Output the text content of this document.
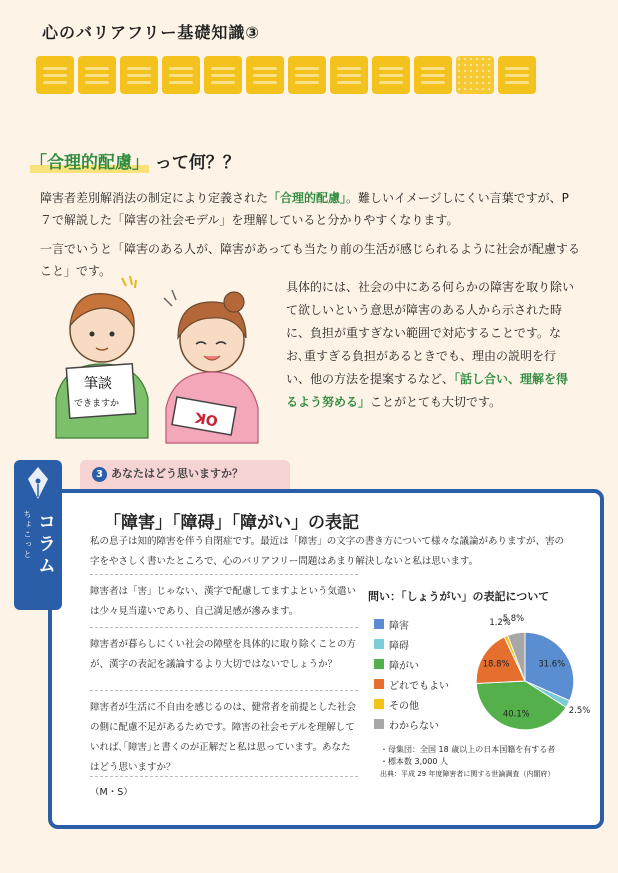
心のバリアフリー基礎知識③
「合理的配慮」 って何？？
障害者差別解消法の制定により定義された「合理的配慮」。難しいイメージしにくい言葉ですが、P７で解説した「障害の社会モデル」を理解していると分かりやすくなります。
一言でいうと「障害のある人が、障害があっても当たり前の生活が感じられるように社会が配慮すること」です。
筆談
できますか
OK
具体的には、社会の中にある何らかの障害を取り除いて欲しいという意思が障害のある人から示された時に、負担が重すぎない範囲で対応することです。なお､重すぎる負担があるときでも、理由の説明を行い、他の方法を提案するなど、「話し合い、理解を得るよう努める」ことがとても大切です。
3 あなたはどう思いますか？
ちょこっと コラム	「障害」「障碍」「障がい」の表記
私の息子は知的障害を伴う自閉症です。最近は「障害」の文字の書き方について様々な議論がありますが、害の字をやさしく書いたところで、心のバリアフリー問題はあまり解決しないと私は思います。
障害者は「害」じゃない、漢字で配慮してますよという気遣いは少々見当違いであり、自己満足感が滲みます。
障害者が暮らしにくい社会の障壁を具体的に取り除くことの方が、漢字の表記を議論するより大切ではないでしょうか？
障害者が生活に不自由を感じるのは、健常者を前提とした社会の側に配慮不足があるためです。障害の社会モデルを理解していれば､｢障害｣と書くのが正解だと私は思っています。あなたはどう思いますか？
（M・S）
問い：「しょうがい」の表記について
障害
障碍
障がい
どれでもよい
その他
わからない
31.6%
2.5%
40.1%
18.8%
1.2%
5.8%
・母集団：全国 18 歳以上の日本国籍を有する者
・標本数 3,000 人
出典：平成 29 年度障害者に関する世論調査（内閣府）
